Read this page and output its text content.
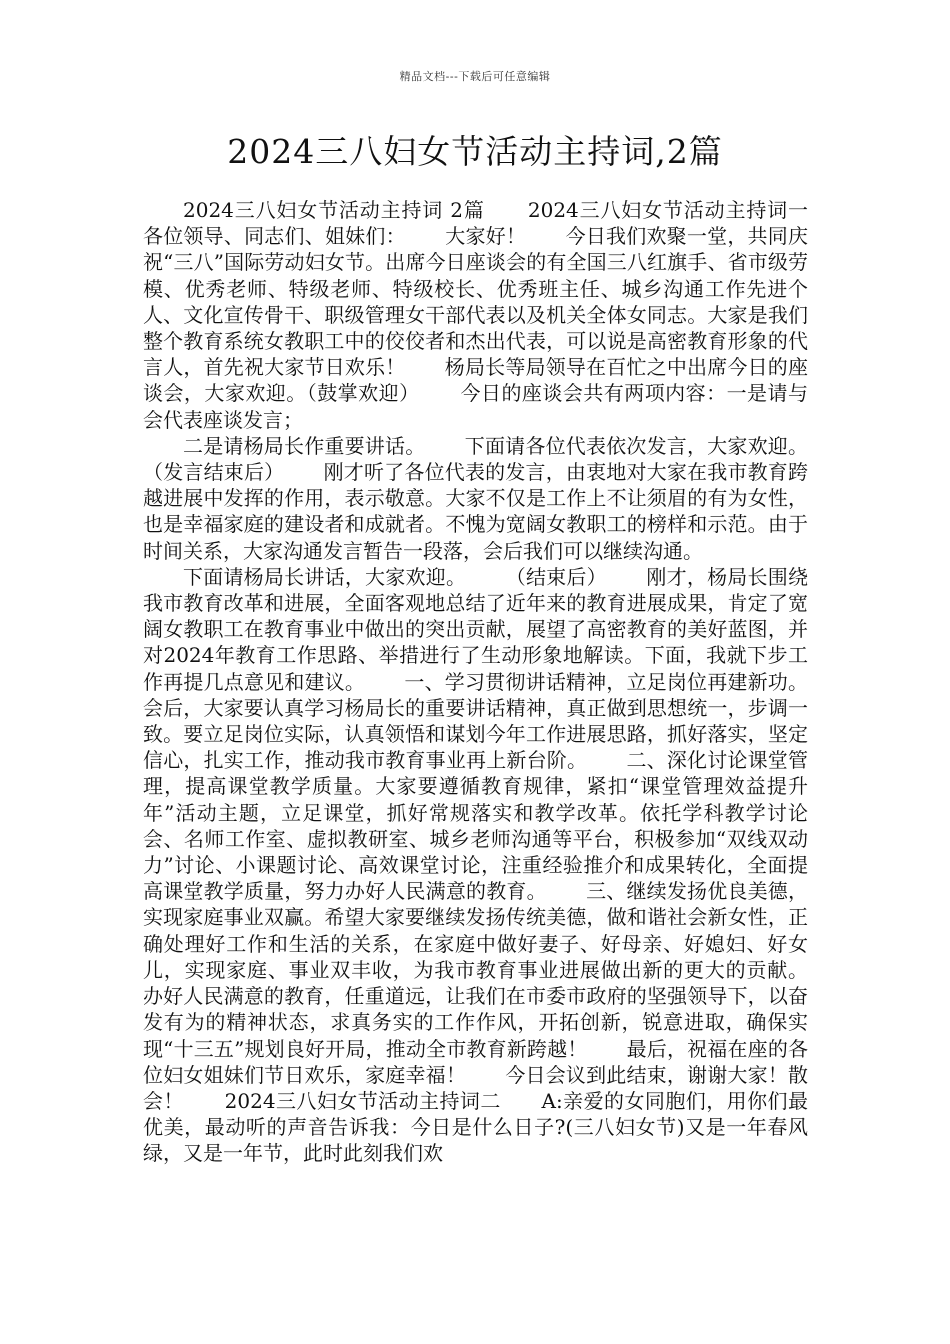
精品文档---下载后可任意编辑
2024三八妇女节活动主持词,2篇

2024三八妇女节活动主持词 2篇      2024三八妇女节活动主持词一      各位领导、同志们、姐妹们：      大家好！      今日我们欢聚一堂，共同庆祝“三八”国际劳动妇女节。出席今日座谈会的有全国三八红旗手、省市级劳模、优秀老师、特级老师、特级校长、优秀班主任、城乡沟通工作先进个人、文化宣传骨干、职级管理女干部代表以及机关全体女同志。大家是我们整个教育系统女教职工中的佼佼者和杰出代表，可以说是高密教育形象的代言人，首先祝大家节日欢乐！      杨局长等局领导在百忙之中出席今日的座谈会，大家欢迎。（鼓掌欢迎）      今日的座谈会共有两项内容：一是请与会代表座谈发言；

二是请杨局长作重要讲话。      下面请各位代表依次发言，大家欢迎。      （发言结束后）      刚才听了各位代表的发言，由衷地对大家在我市教育跨越进展中发挥的作用，表示敬意。大家不仅是工作上不让须眉的有为女性，也是幸福家庭的建设者和成就者。不愧为宽阔女教职工的榜样和示范。由于时间关系，大家沟通发言暂告一段落，会后我们可以继续沟通。

下面请杨局长讲话，大家欢迎。      （结束后）      刚才，杨局长围绕我市教育改革和进展，全面客观地总结了近年来的教育进展成果，肯定了宽阔女教职工在教育事业中做出的突出贡献，展望了高密教育的美好蓝图，并对2024年教育工作思路、举措进行了生动形象地解读。下面，我就下步工作再提几点意见和建议。      一、学习贯彻讲话精神，立足岗位再建新功。会后，大家要认真学习杨局长的重要讲话精神，真正做到思想统一，步调一致。要立足岗位实际，认真领悟和谋划今年工作进展思路，抓好落实，坚定信心，扎实工作，推动我市教育事业再上新台阶。      二、深化讨论课堂管理，提高课堂教学质量。大家要遵循教育规律，紧扣“课堂管理效益提升年”活动主题，立足课堂，抓好常规落实和教学改革。依托学科教学讨论会、名师工作室、虚拟教研室、城乡老师沟通等平台，积极参加“双线双动力”讨论、小课题讨论、高效课堂讨论，注重经验推介和成果转化，全面提高课堂教学质量，努力办好人民满意的教育。      三、继续发扬优良美德，实现家庭事业双赢。希望大家要继续发扬传统美德，做和谐社会新女性，正确处理好工作和生活的关系，在家庭中做好妻子、好母亲、好媳妇、好女儿，实现家庭、事业双丰收，为我市教育事业进展做出新的更大的贡献。      办好人民满意的教育，任重道远，让我们在市委市政府的坚强领导下，以奋发有为的精神状态，求真务实的工作作风，开拓创新，锐意进取，确保实现“十三五”规划良好开局，推动全市教育新跨越！      最后，祝福在座的各位妇女姐妹们节日欢乐，家庭幸福！      今日会议到此结束，谢谢大家！散会！      2024三八妇女节活动主持词二      A:亲爱的女同胞们，用你们最优美，最动听的声音告诉我：今日是什么日子?(三八妇女节)又是一年春风绿，又是一年节，此时此刻我们欢
